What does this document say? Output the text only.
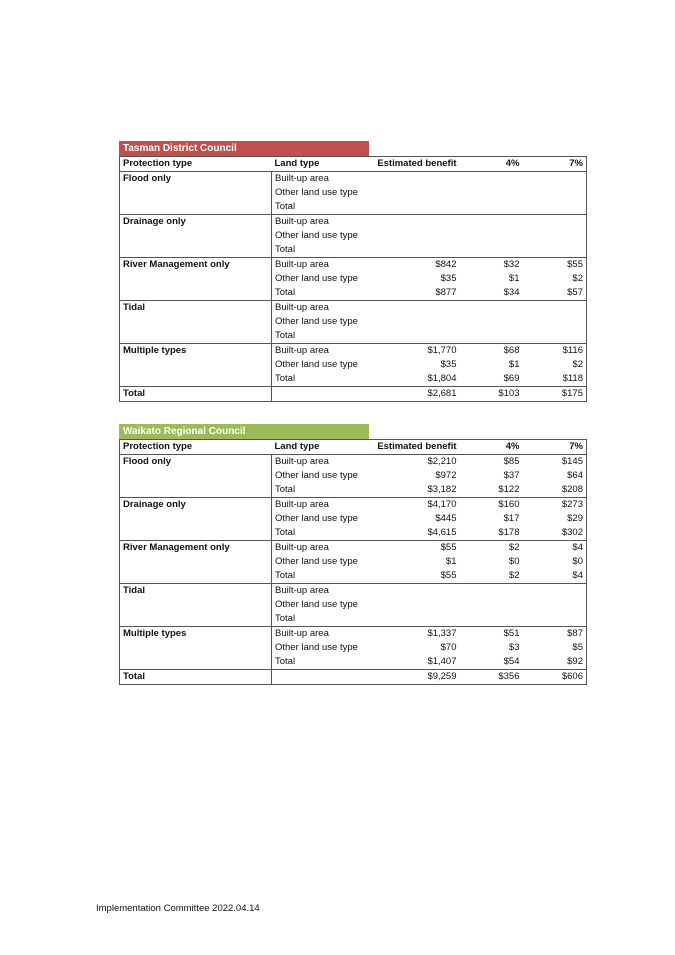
Tasman District Council
Protection type	Land type	Estimated benefit	4%	7%
Flood only	Built-up area			
	Other land use type			
	Total			
Drainage only	Built-up area			
	Other land use type			
	Total			
River Management only	Built-up area	$842	$32	$55
	Other land use type	$35	$1	$2
	Total	$877	$34	$57
Tidal	Built-up area			
	Other land use type			
	Total			
Multiple types	Built-up area	$1,770	$68	$116
	Other land use type	$35	$1	$2
	Total	$1,804	$69	$118
Total		$2,681	$103	$175
Waikato Regional Council
Protection type	Land type	Estimated benefit	4%	7%
Flood only	Built-up area	$2,210	$85	$145
	Other land use type	$972	$37	$64
	Total	$3,182	$122	$208
Drainage only	Built-up area	$4,170	$160	$273
	Other land use type	$445	$17	$29
	Total	$4,615	$178	$302
River Management only	Built-up area	$55	$2	$4
	Other land use type	$1	$0	$0
	Total	$55	$2	$4
Tidal	Built-up area			
	Other land use type			
	Total			
Multiple types	Built-up area	$1,337	$51	$87
	Other land use type	$70	$3	$5
	Total	$1,407	$54	$92
Total		$9,259	$356	$606
Implementation Committee 2022.04.14
